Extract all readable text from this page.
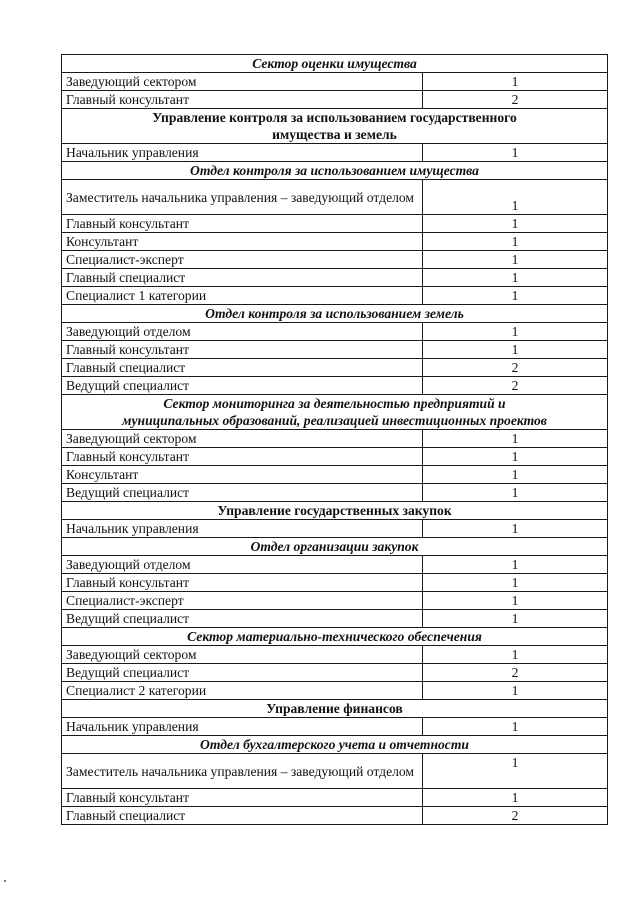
Сектор оценки имущества	
Заведующий сектором	1
Главный консультант	2
Управление контроля за использованием государственного имущества и земель	
Начальник управления	1
Отдел контроля за использованием имущества	
Заместитель начальника управления – заведующий отделом	1
Главный консультант	1
Консультант	1
Специалист-эксперт	1
Главный специалист	1
Специалист 1 категории	1
Отдел контроля за использованием земель	
Заведующий отделом	1
Главный консультант	1
Главный специалист	2
Ведущий специалист	2
Сектор мониторинга за деятельностью предприятий и муниципальных образований, реализацией инвестиционных проектов	
Заведующий сектором	1
Главный консультант	1
Консультант	1
Ведущий специалист	1
Управление государственных закупок	
Начальник управления	1
Отдел организации закупок	
Заведующий отделом	1
Главный консультант	1
Специалист-эксперт	1
Ведущий специалист	1
Сектор материально-технического обеспечения	
Заведующий сектором	1
Ведущий специалист	2
Специалист 2 категории	1
Управление финансов	
Начальник управления	1
Отдел бухгалтерского учета и отчетности	
Заместитель начальника управления – заведующий отделом	1
Главный консультант	1
Главный специалист	2
